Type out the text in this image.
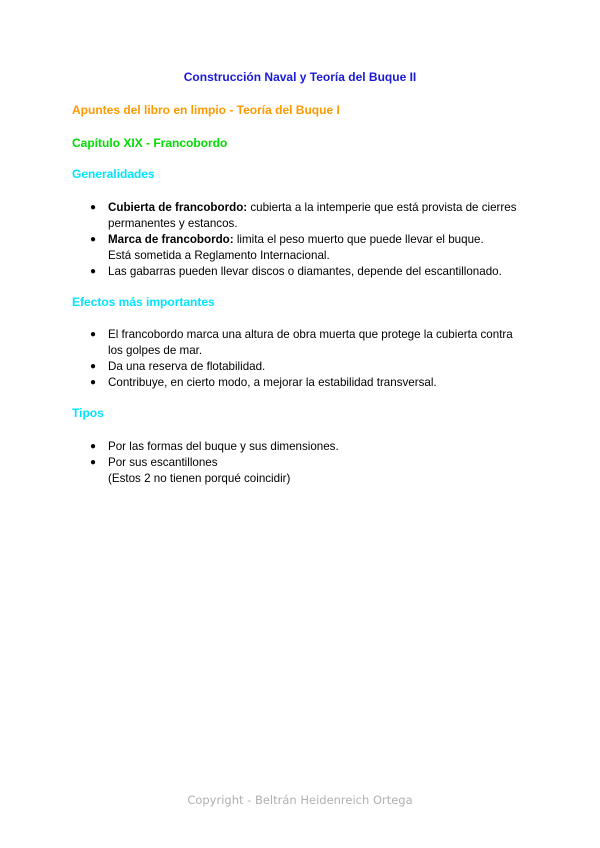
Construcción Naval y Teoría del Buque II
Apuntes del libro en limpio - Teoría del Buque I
Capítulo XIX - Francobordo
Generalidades
● Cubierta de francobordo: cubierta a la intemperie que está provista de cierres permanentes y estancos.
● Marca de francobordo: limita el peso muerto que puede llevar el buque.
Está sometida a Reglamento Internacional.
● Las gabarras pueden llevar discos o diamantes, depende del escantillonado.
Efectos más importantes
● El francobordo marca una altura de obra muerta que protege la cubierta contra los golpes de mar.
● Da una reserva de flotabilidad.
● Contribuye, en cierto modo, a mejorar la estabilidad transversal.
Tipos
● Por las formas del buque y sus dimensiones.
● Por sus escantillones
(Estos 2 no tienen porqué coincidir)
Copyright - Beltrán Heidenreich Ortega
